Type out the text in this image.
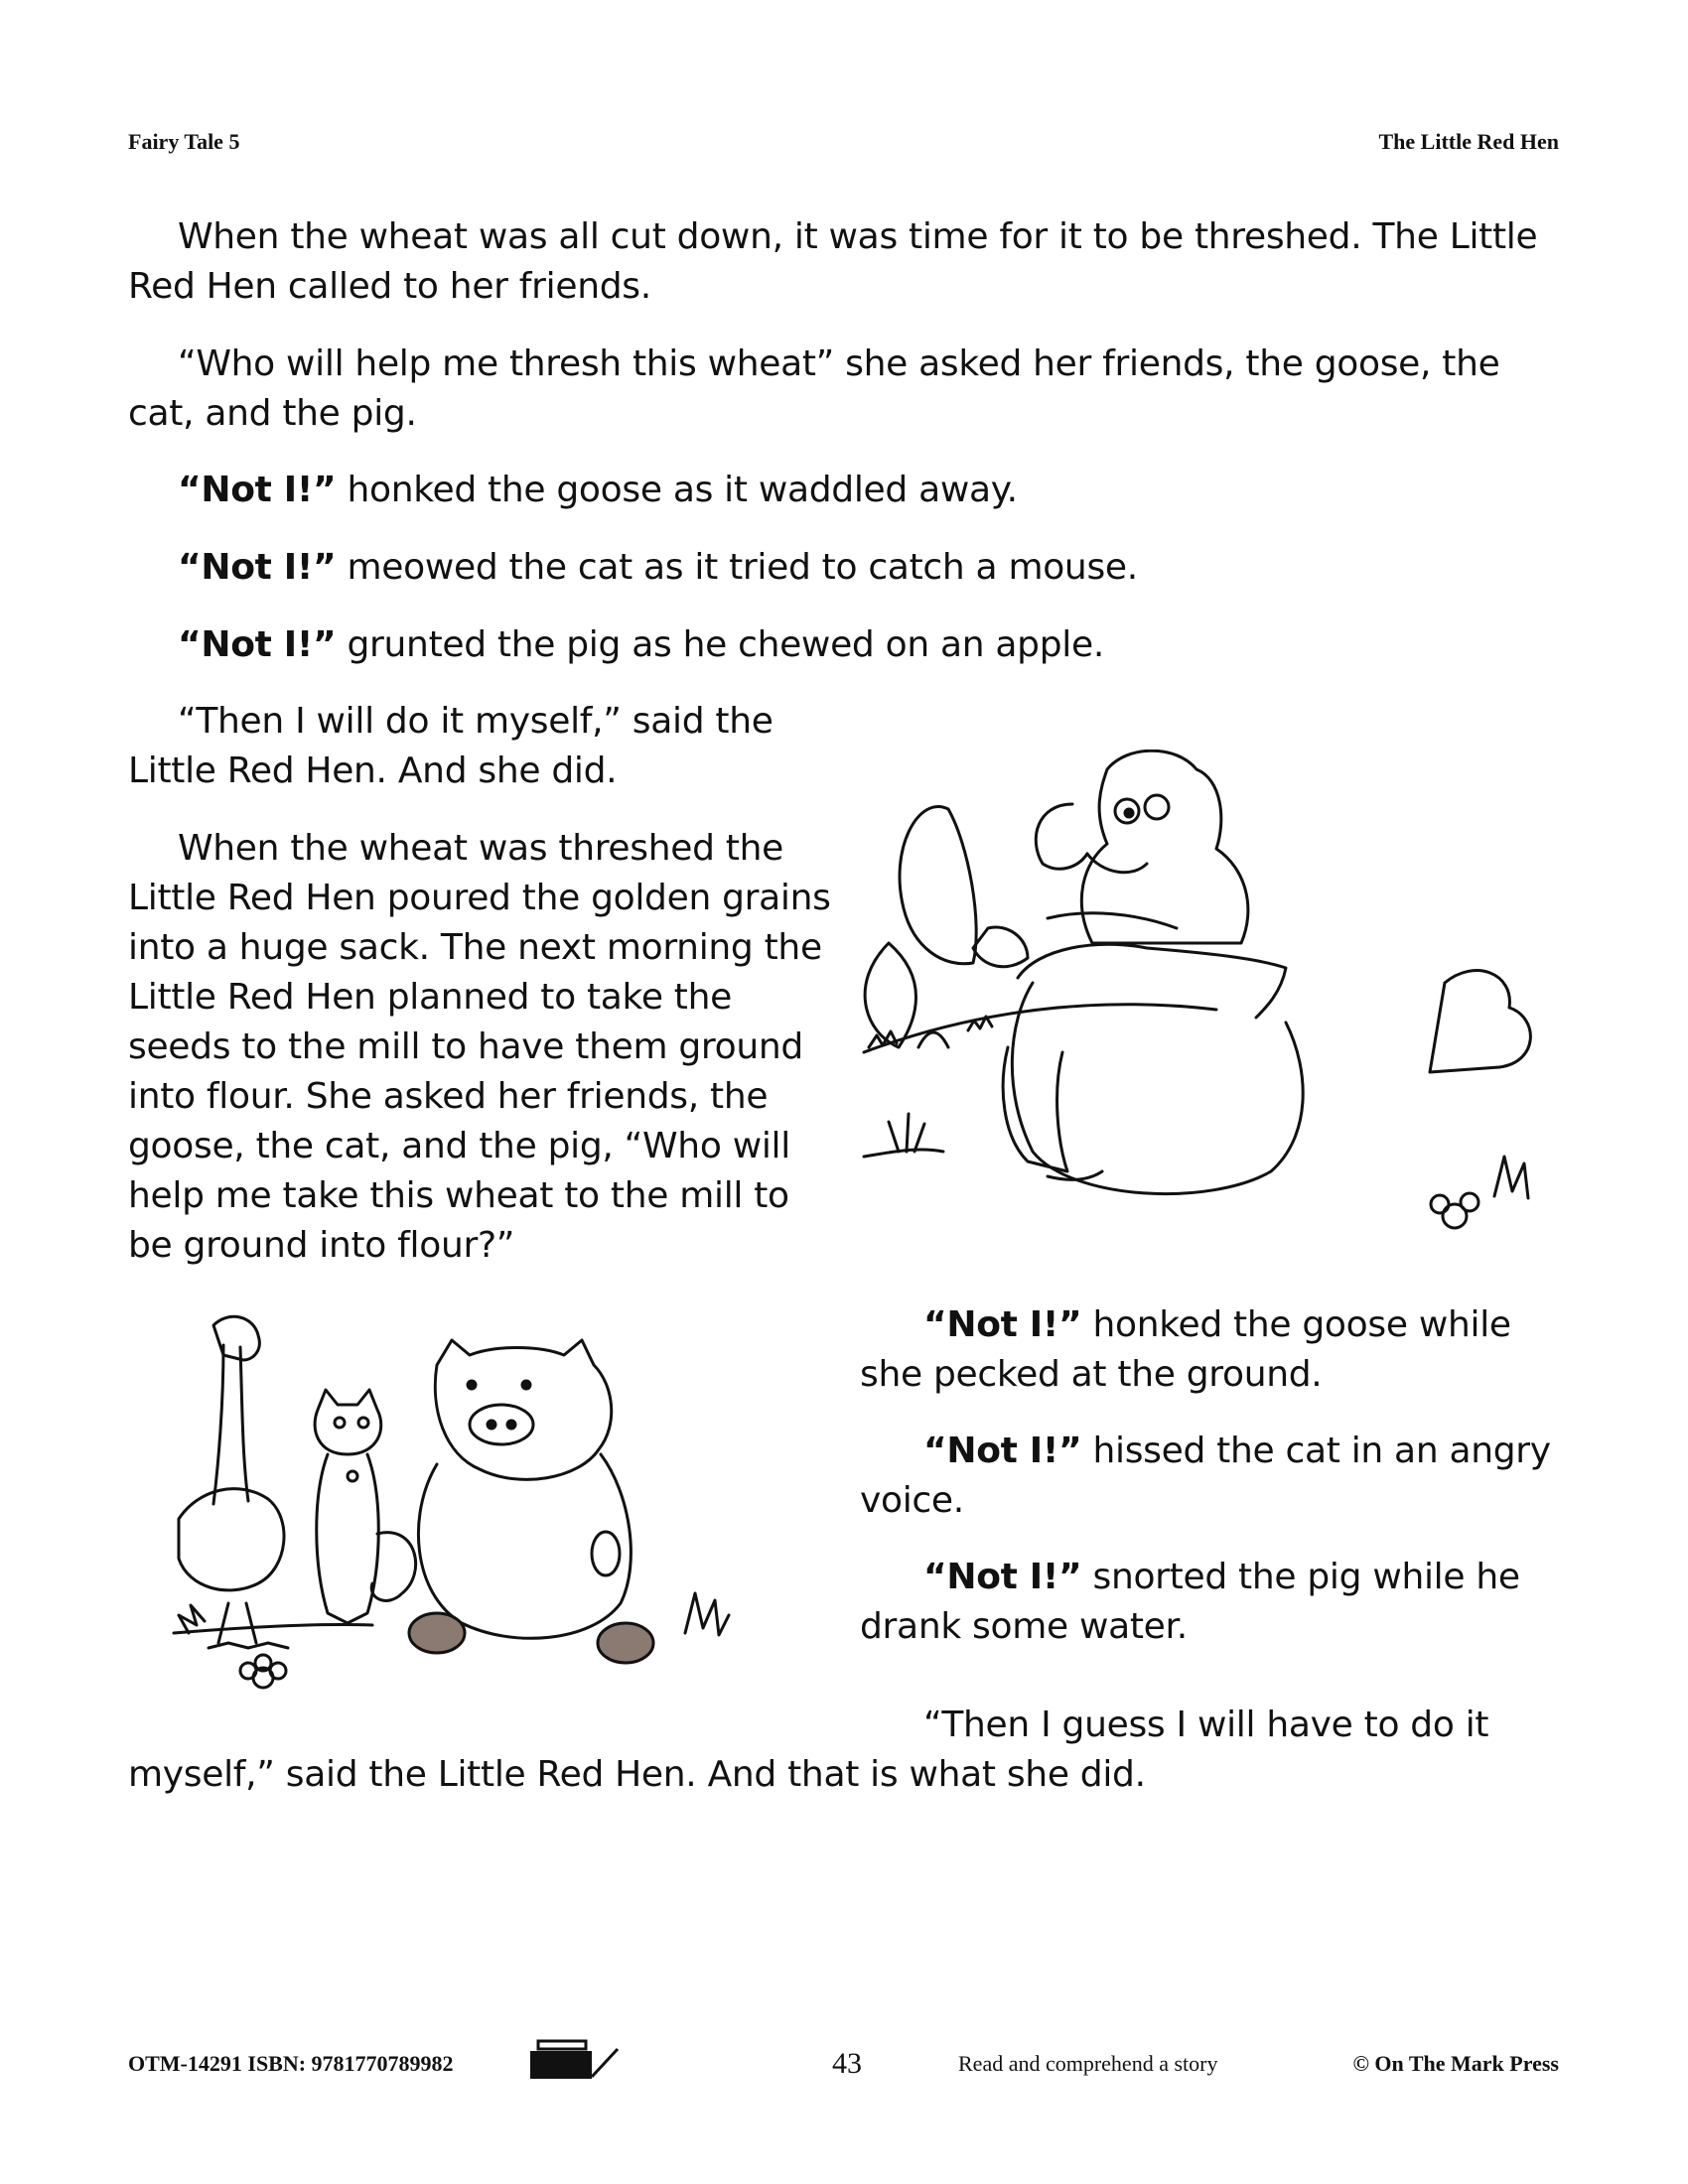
Fairy Tale 5	The Little Red Hen

When the wheat was all cut down, it was time for it to be threshed. The Little Red Hen called to her friends.

“Who will help me thresh this wheat” she asked her friends, the goose, the cat, and the pig.

“Not I!” honked the goose as it waddled away.

“Not I!” meowed the cat as it tried to catch a mouse.

“Not I!” grunted the pig as he chewed on an apple.

“Then I will do it myself,” said the Little Red Hen. And she did.

When the wheat was threshed the Little Red Hen poured the golden grains into a huge sack. The next morning the Little Red Hen planned to take the seeds to the mill to have them ground into flour. She asked her friends, the goose, the cat, and the pig, “Who will help me take this wheat to the mill to be ground into flour?”

“Not I!” honked the goose while she pecked at the ground.

“Not I!” hissed the cat in an angry voice.

“Not I!” snorted the pig while he drank some water.

“Then I guess I will have to do it myself,” said the Little Red Hen. And that is what she did.

OTM-14291 ISBN: 9781770789982	43	Read and comprehend a story	© On The Mark Press
